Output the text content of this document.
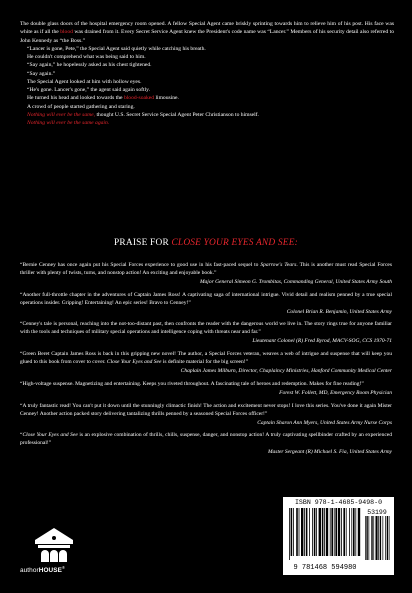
The double glass doors of the hospital emergency room opened. A fellow Special Agent came briskly sprinting towards him to relieve him of his post. His face was white as if all the blood was drained from it. Every Secret Service Agent knew the President's code name was “Lancer.” Members of his security detail also referred to John Kennedy as “the Boss.”

“Lancer is gone, Pete,” the Special Agent said quietly while catching his breath.

He couldn't comprehend what was being said to him.

“Say again,” he hopelessly asked as his chest tightened.

“Say again.”

The Special Agent looked at him with hollow eyes.

“He's gone. Lancer's gone,” the agent said again softly.

He turned his head and looked towards the blood-soaked limousine.

A crowd of people started gathering and staring.

Nothing will ever be the same, thought U.S. Secret Service Special Agent Peter Christianson to himself.

Nothing will ever be the same again.

PRAISE FOR CLOSE YOUR EYES AND SEE:

“Bernie Cenney has once again put his Special Forces experience to good use in his fast-paced sequel to Sparrow's Tears. This is another must read Special Forces thriller with plenty of twists, turns, and nonstop action! An exciting and enjoyable book.”

Major General Simeon G. Trombitas, Commanding General, United States Army South

“Another full-throttle chapter in the adventures of Captain James Ross! A captivating saga of international intrigue. Vivid detail and realism penned by a true special operations insider. Gripping! Entertaining! An epic series! Bravo to Cenney!”

Colonel Brian R. Benjamin, United States Army

“Cenney's tale is personal, reaching into the not-too-distant past, then confronts the reader with the dangerous world we live in. The story rings true for anyone familiar with the tools and techniques of military special operations and intelligence coping with threats near and far.”

Lieutenant Colonel (R) Fred Byrod, MACV-SOG, CCS 1970-71

“Green Beret Captain James Ross is back in this gripping new novel! The author, a Special Forces veteran, weaves a web of intrigue and suspense that will keep you glued to this book from cover to cover. Close Your Eyes and See is definite material for the big screen!”

Chaplain James Milburn, Director, Chaplaincy Ministries, Hanford Community Medical Center

“High-voltage suspense. Magnetizing and entertaining. Keeps you riveted throughout. A fascinating tale of heroes and redemption. Makes for fine reading!”

Forest W. Follett, MD, Emergency Room Physician

“A truly fantastic read! You can't put it down until the stunningly climactic finish! The action and excitement never stops! I love this series. You've done it again Mister Cenney! Another action packed story delivering tantalizing thrills penned by a seasoned Special Forces officer!”

Captain Sharon Ann Myers, United States Army Nurse Corps

“Close Your Eyes and See is an explosive combination of thrills, chills, suspense, danger, and nonstop action! A truly captivating spellbinder crafted by an experienced professional!”

Master Sergeant (R) Michael S. Fia, United States Army

ISBN 978-1-4685-9498-0
53199
9 781468 594980
authorHOUSE®
